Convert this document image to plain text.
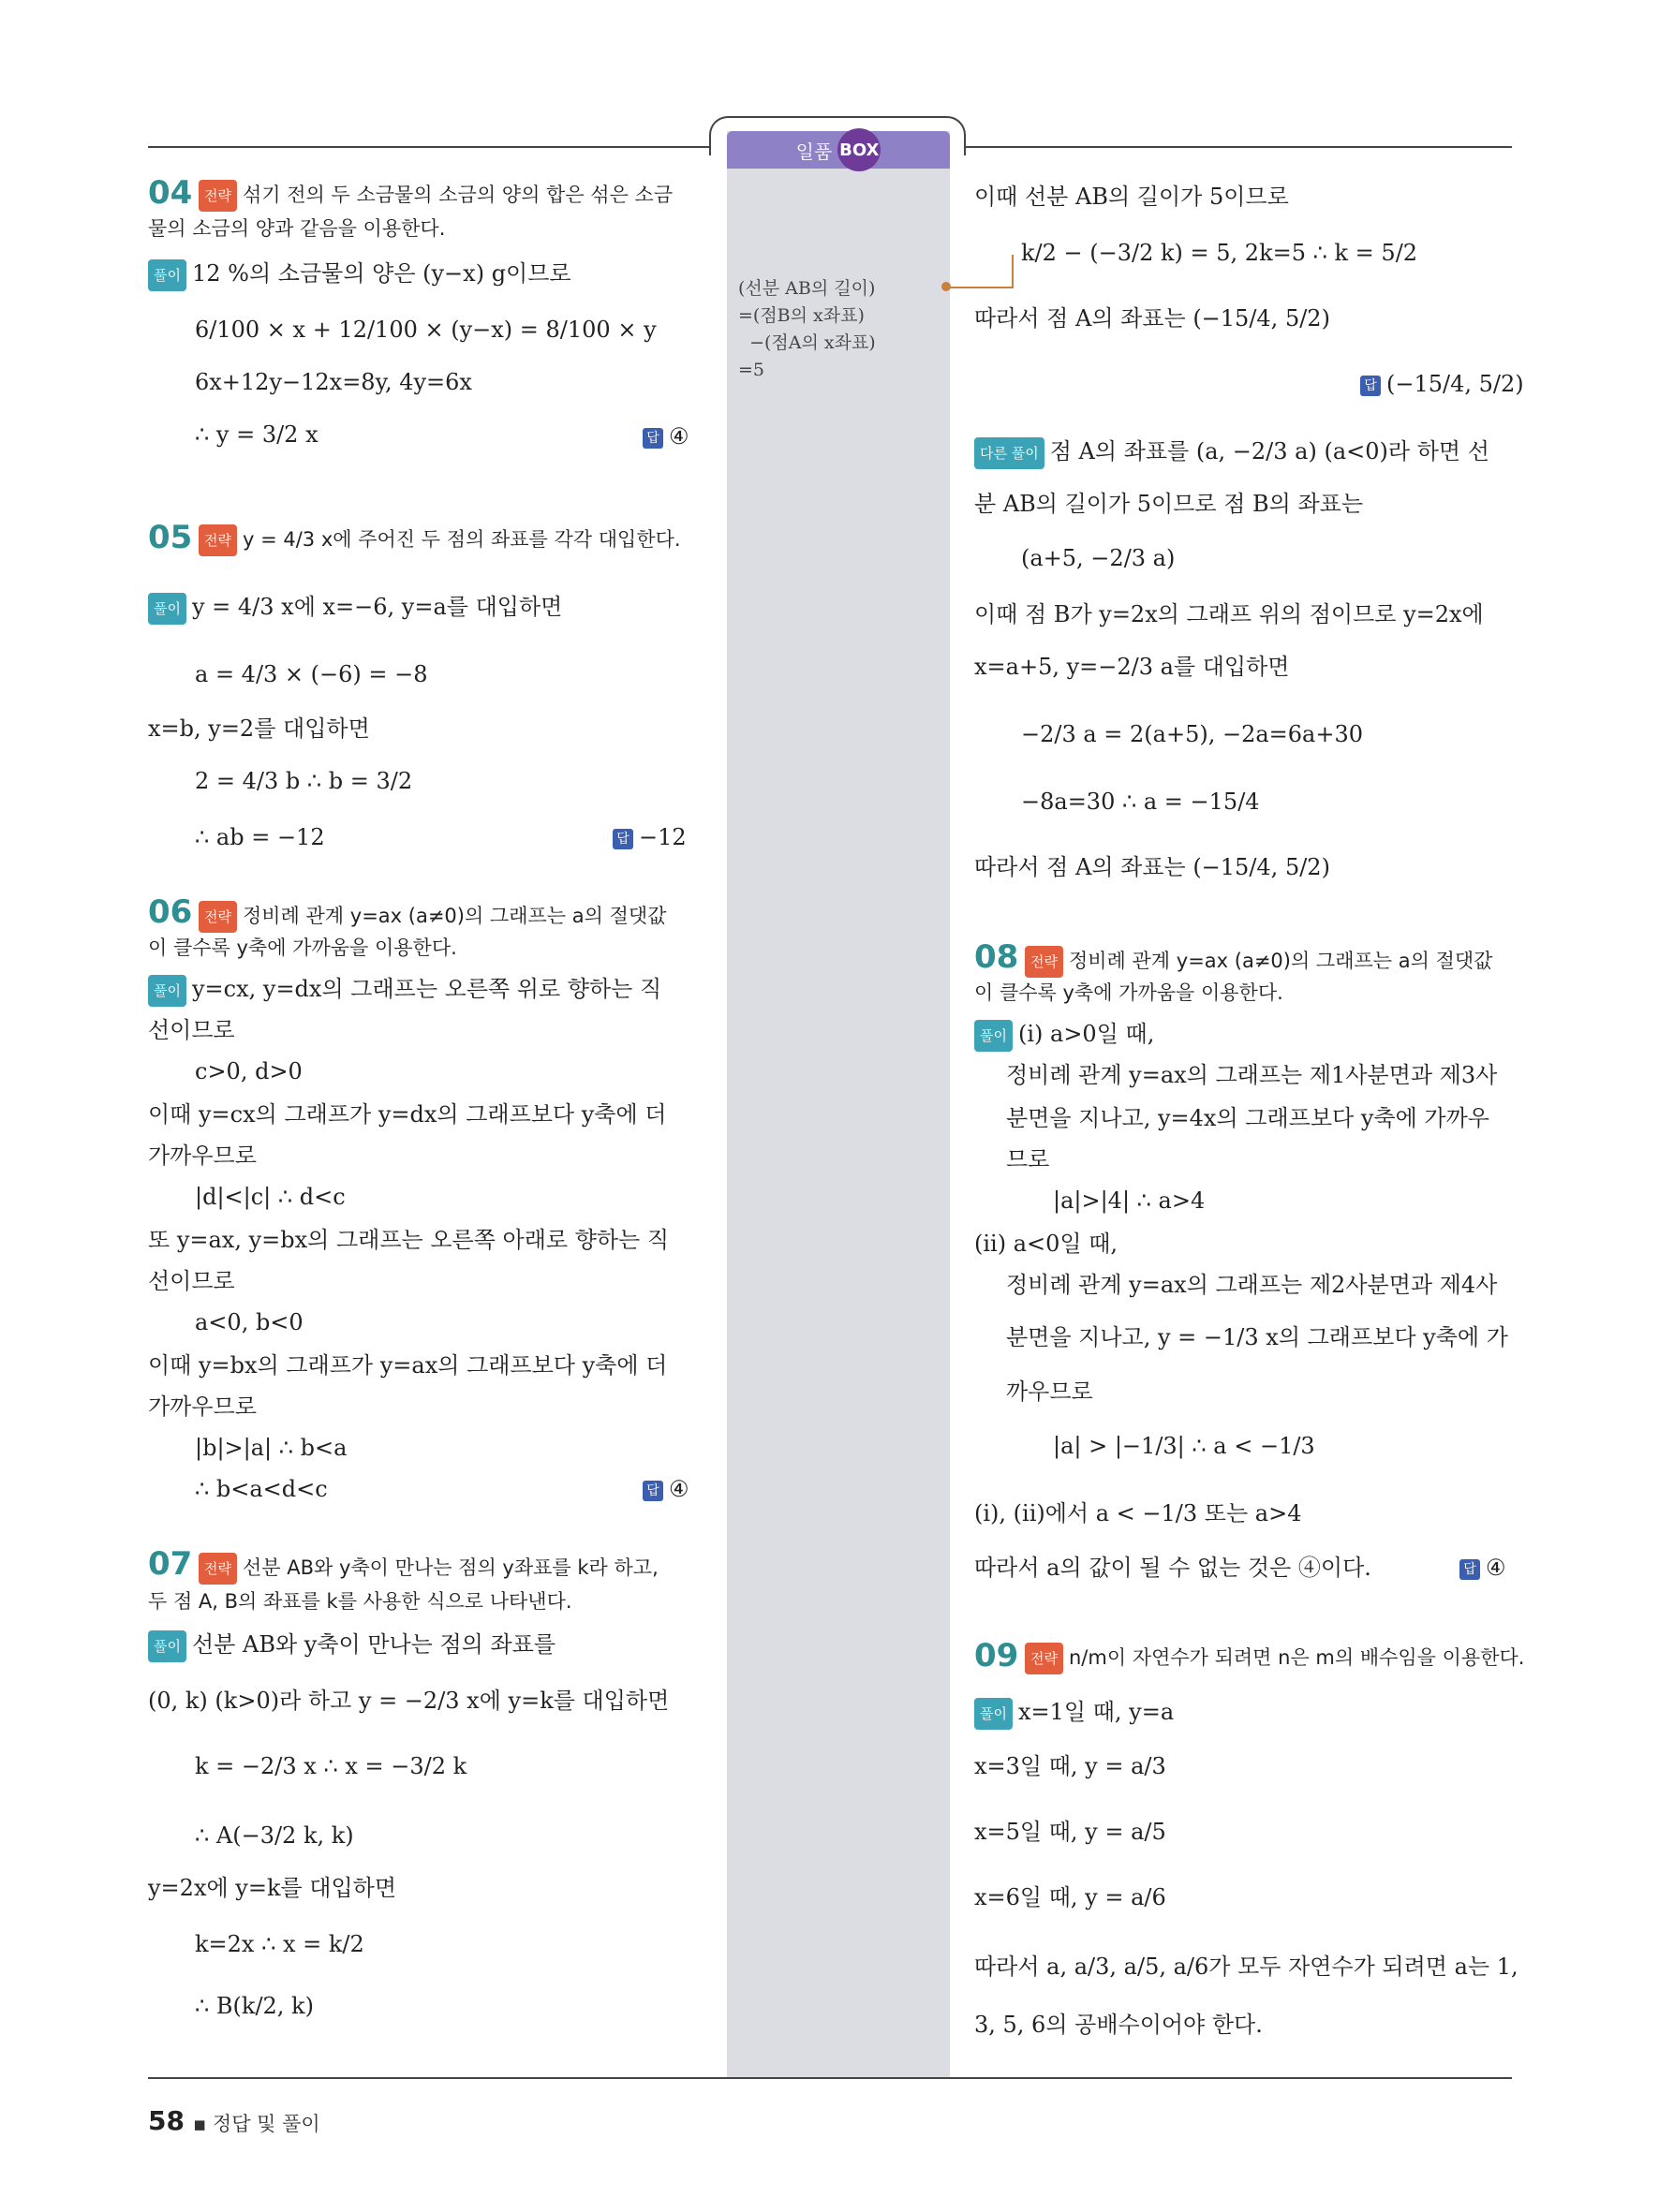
일품 BOX
(선분 AB의 길이)
=(점B의 x좌표)
−(점A의 x좌표)
=5
04 전략 섞기 전의 두 소금물의 소금의 양의 합은 섞은 소금
물의 소금의 양과 같음을 이용한다.
풀이 12 %의 소금물의 양은 (y−x) g이므로
6/100 × x + 12/100 × (y−x) = 8/100 × y
6x+12y−12x=8y, 4y=6x
∴ y = 3/2 x	답 ④
05 전략 y = 4/3 x에 주어진 두 점의 좌표를 각각 대입한다.
풀이 y = 4/3 x에 x=−6, y=a를 대입하면
a = 4/3 × (−6) = −8
x=b, y=2를 대입하면
2 = 4/3 b ∴ b = 3/2
∴ ab = −12	답 −12
06 전략 정비례 관계 y=ax (a≠0)의 그래프는 a의 절댓값
이 클수록 y축에 가까움을 이용한다.
풀이 y=cx, y=dx의 그래프는 오른쪽 위로 향하는 직
선이므로
c>0, d>0
이때 y=cx의 그래프가 y=dx의 그래프보다 y축에 더
가까우므로
|d|<|c| ∴ d<c
또 y=ax, y=bx의 그래프는 오른쪽 아래로 향하는 직
선이므로
a<0, b<0
이때 y=bx의 그래프가 y=ax의 그래프보다 y축에 더
가까우므로
|b|>|a| ∴ b<a
∴ b<a<d<c	답 ④
07 전략 선분 AB와 y축이 만나는 점의 y좌표를 k라 하고,
두 점 A, B의 좌표를 k를 사용한 식으로 나타낸다.
풀이 선분 AB와 y축이 만나는 점의 좌표를
(0, k) (k>0)라 하고 y = −2/3 x에 y=k를 대입하면
k = −2/3 x ∴ x = −3/2 k
∴ A(−3/2 k, k)
y=2x에 y=k를 대입하면
k=2x ∴ x = k/2
∴ B(k/2, k)
이때 선분 AB의 길이가 5이므로
k/2 − (−3/2 k) = 5, 2k=5 ∴ k = 5/2
따라서 점 A의 좌표는 (−15/4, 5/2)
답 (−15/4, 5/2)
다른 풀이 점 A의 좌표를 (a, −2/3 a) (a<0)라 하면 선
분 AB의 길이가 5이므로 점 B의 좌표는
(a+5, −2/3 a)
이때 점 B가 y=2x의 그래프 위의 점이므로 y=2x에
x=a+5, y=−2/3 a를 대입하면
−2/3 a = 2(a+5), −2a=6a+30
−8a=30 ∴ a = −15/4
따라서 점 A의 좌표는 (−15/4, 5/2)
08 전략 정비례 관계 y=ax (a≠0)의 그래프는 a의 절댓값
이 클수록 y축에 가까움을 이용한다.
풀이 (i) a>0일 때,
정비례 관계 y=ax의 그래프는 제1사분면과 제3사
분면을 지나고, y=4x의 그래프보다 y축에 가까우
므로
|a|>|4| ∴ a>4
(ii) a<0일 때,
정비례 관계 y=ax의 그래프는 제2사분면과 제4사
분면을 지나고, y = −1/3 x의 그래프보다 y축에 가
까우므로
|a| > |−1/3| ∴ a < −1/3
(i), (ii)에서 a < −1/3 또는 a>4
따라서 a의 값이 될 수 없는 것은 ④이다.	답 ④
09 전략 n/m이 자연수가 되려면 n은 m의 배수임을 이용한다.
풀이 x=1일 때, y=a
x=3일 때, y = a/3
x=5일 때, y = a/5
x=6일 때, y = a/6
따라서 a, a/3, a/5, a/6가 모두 자연수가 되려면 a는 1,
3, 5, 6의 공배수이어야 한다.
58 ▪ 정답 및 풀이
